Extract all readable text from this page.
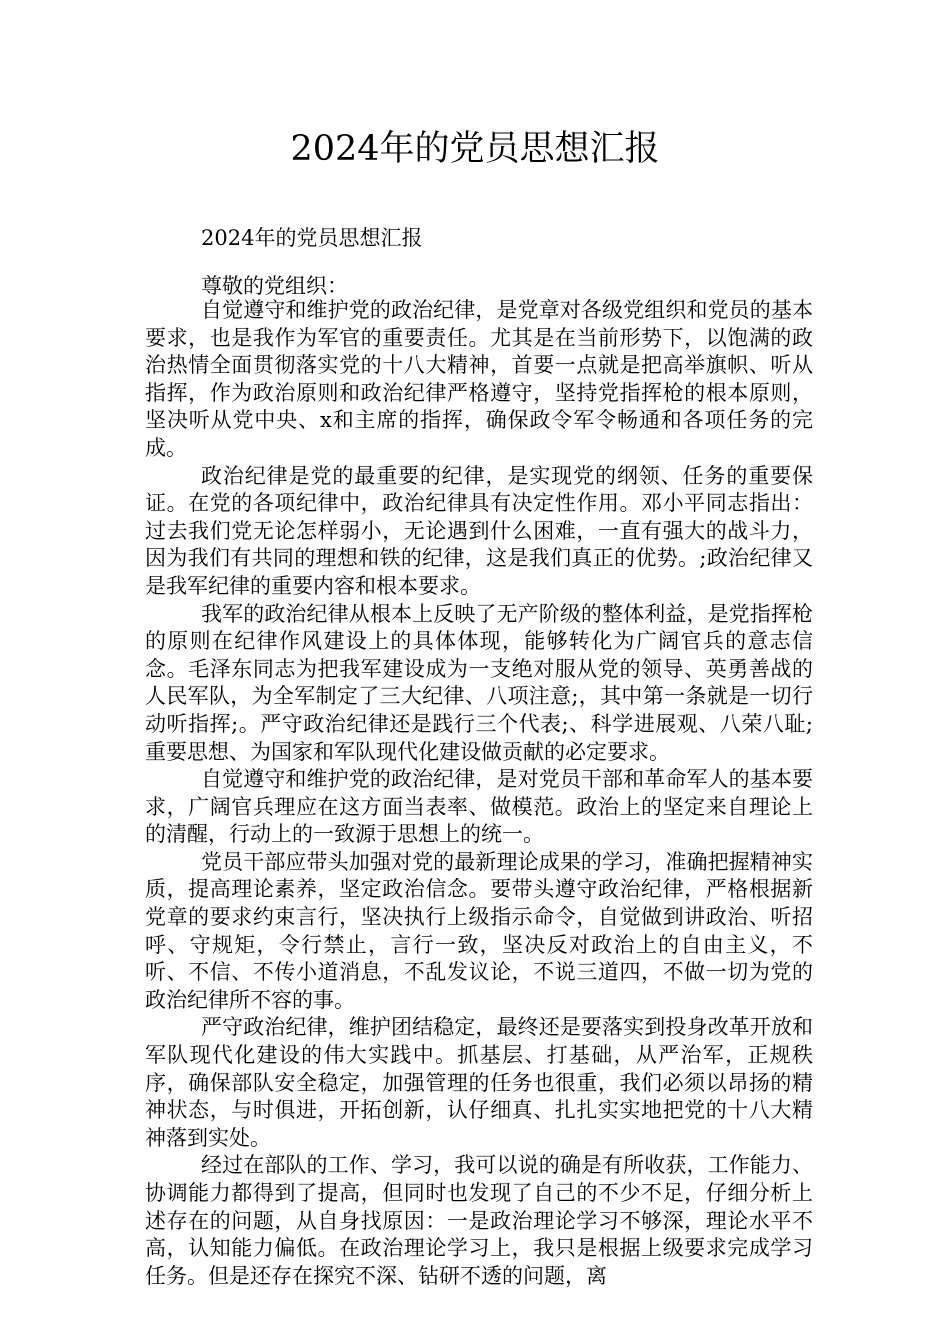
2024年的党员思想汇报
2024年的党员思想汇报
尊敬的党组织：

自觉遵守和维护党的政治纪律，是党章对各级党组织和党员的基本要求，也是我作为军官的重要责任。尤其是在当前形势下，以饱满的政治热情全面贯彻落实党的十八大精神，首要一点就是把高举旗帜、听从指挥，作为政治原则和政治纪律严格遵守，坚持党指挥枪的根本原则，坚决听从党中央、x和主席的指挥，确保政令军令畅通和各项任务的完成。

政治纪律是党的最重要的纪律，是实现党的纲领、任务的重要保证。在党的各项纪律中，政治纪律具有决定性作用。邓小平同志指出：过去我们党无论怎样弱小，无论遇到什么困难，一直有强大的战斗力，因为我们有共同的理想和铁的纪律，这是我们真正的优势。;政治纪律又是我军纪律的重要内容和根本要求。

我军的政治纪律从根本上反映了无产阶级的整体利益，是党指挥枪的原则在纪律作风建设上的具体体现，能够转化为广阔官兵的意志信念。毛泽东同志为把我军建设成为一支绝对服从党的领导、英勇善战的人民军队，为全军制定了三大纪律、八项注意;，其中第一条就是一切行动听指挥;。严守政治纪律还是践行三个代表;、科学进展观、八荣八耻;重要思想、为国家和军队现代化建设做贡献的必定要求。

自觉遵守和维护党的政治纪律，是对党员干部和革命军人的基本要求，广阔官兵理应在这方面当表率、做模范。政治上的坚定来自理论上的清醒，行动上的一致源于思想上的统一。

党员干部应带头加强对党的最新理论成果的学习，准确把握精神实质，提高理论素养，坚定政治信念。要带头遵守政治纪律，严格根据新党章的要求约束言行，坚决执行上级指示命令，自觉做到讲政治、听招呼、守规矩，令行禁止，言行一致，坚决反对政治上的自由主义，不听、不信、不传小道消息，不乱发议论，不说三道四，不做一切为党的政治纪律所不容的事。

严守政治纪律，维护团结稳定，最终还是要落实到投身改革开放和军队现代化建设的伟大实践中。抓基层、打基础，从严治军，正规秩序，确保部队安全稳定，加强管理的任务也很重，我们必须以昂扬的精神状态，与时俱进，开拓创新，认仔细真、扎扎实实地把党的十八大精神落到实处。

经过在部队的工作、学习，我可以说的确是有所收获，工作能力、协调能力都得到了提高，但同时也发现了自己的不少不足，仔细分析上述存在的问题，从自身找原因：一是政治理论学习不够深，理论水平不高，认知能力偏低。在政治理论学习上，我只是根据上级要求完成学习任务。但是还存在探究不深、钻研不透的问题，离
